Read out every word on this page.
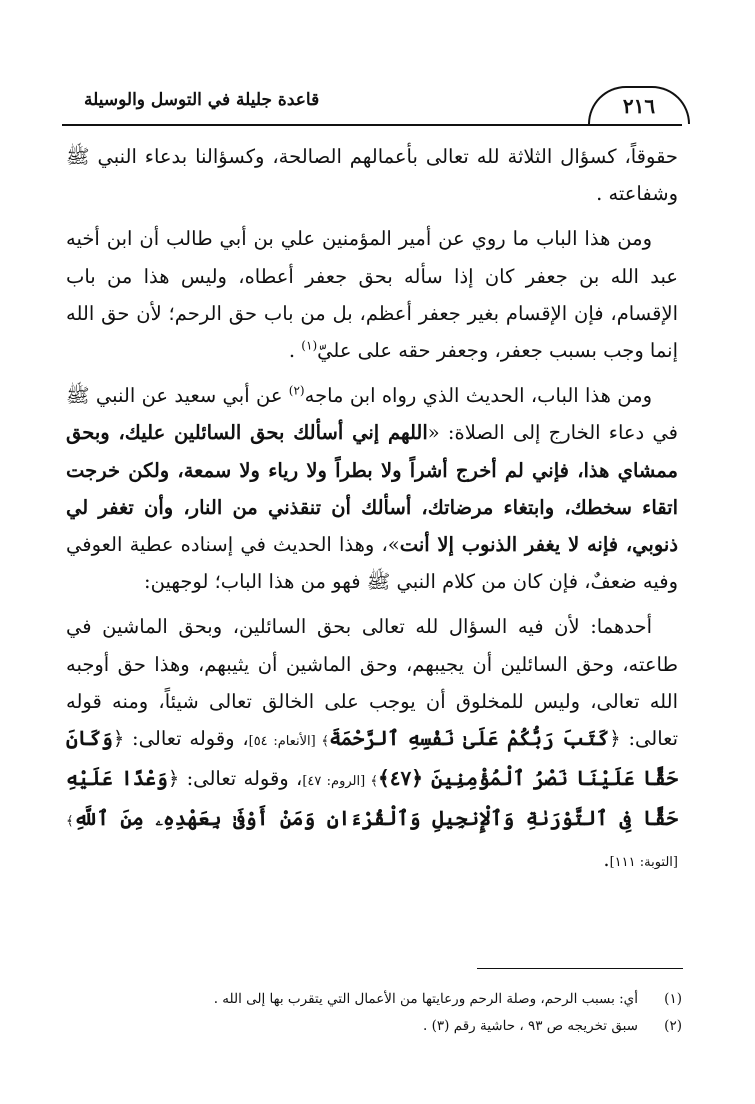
٢١٦
قاعدة جليلة في التوسل والوسيلة

حقوقاً، كسؤال الثلاثة لله تعالى بأعمالهم الصالحة، وكسؤالنا بدعاء النبي ﷺ وشفاعته .

ومن هذا الباب ما روي عن أمير المؤمنين علي بن أبي طالب أن ابن أخيه عبد الله بن جعفر كان إذا سأله بحق جعفر أعطاه، وليس هذا من باب الإقسام، فإن الإقسام بغير جعفر أعظم، بل من باب حق الرحم؛ لأن حق الله إنما وجب بسبب جعفر، وجعفر حقه على عليّ$^{(١)}$ .

ومن هذا الباب، الحديث الذي رواه ابن ماجه$^{(٢)}$ عن أبي سعيد عن النبي ﷺ في دعاء الخارج إلى الصلاة: «اللهم إني أسألك بحق السائلين عليك، وبحق ممشاي هذا، فإني لم أخرج أشراً ولا بطراً ولا رياء ولا سمعة، ولكن خرجت اتقاء سخطك، وابتغاء مرضاتك، أسألك أن تنقذني من النار، وأن تغفر لي ذنوبي، فإنه لا يغفر الذنوب إلا أنت»، وهذا الحديث في إسناده عطية العوفي وفيه ضعفٌ، فإن كان من كلام النبي ﷺ فهو من هذا الباب؛ لوجهين:

أحدهما: لأن فيه السؤال لله تعالى بحق السائلين، وبحق الماشين في طاعته، وحق السائلين أن يجيبهم، وحق الماشين أن يثيبهم، وهذا حق أوجبه الله تعالى، وليس للمخلوق أن يوجب على الخالق تعالى شيئاً، ومنه قوله تعالى: ﴿كَتَبَ رَبُّكُمْ عَلَىٰ نَفْسِهِ ٱلرَّحْمَةَ﴾ [الأنعام: ٥٤]، وقوله تعالى: ﴿وَكَانَ حَقًّا عَلَيْنَا نَصْرُ ٱلْمُؤْمِنِينَ ﴿٤٧﴾﴾ [الروم: ٤٧]، وقوله تعالى: ﴿وَعْدًا عَلَيْهِ حَقًّا فِى ٱلتَّوْرَىٰةِ وَٱلْإِنجِيلِ وَٱلْقُرْءَانِ وَمَنْ أَوْفَىٰ بِعَهْدِهِۦ مِنَ ٱللَّهِ﴾ [التوبة: ١١١].

(١)
أي: بسبب الرحم، وصلة الرحم ورعايتها من الأعمال التي يتقرب بها إلى الله .
(٢)
سبق تخريجه ص ٩٣ ، حاشية رقم (٣) .
